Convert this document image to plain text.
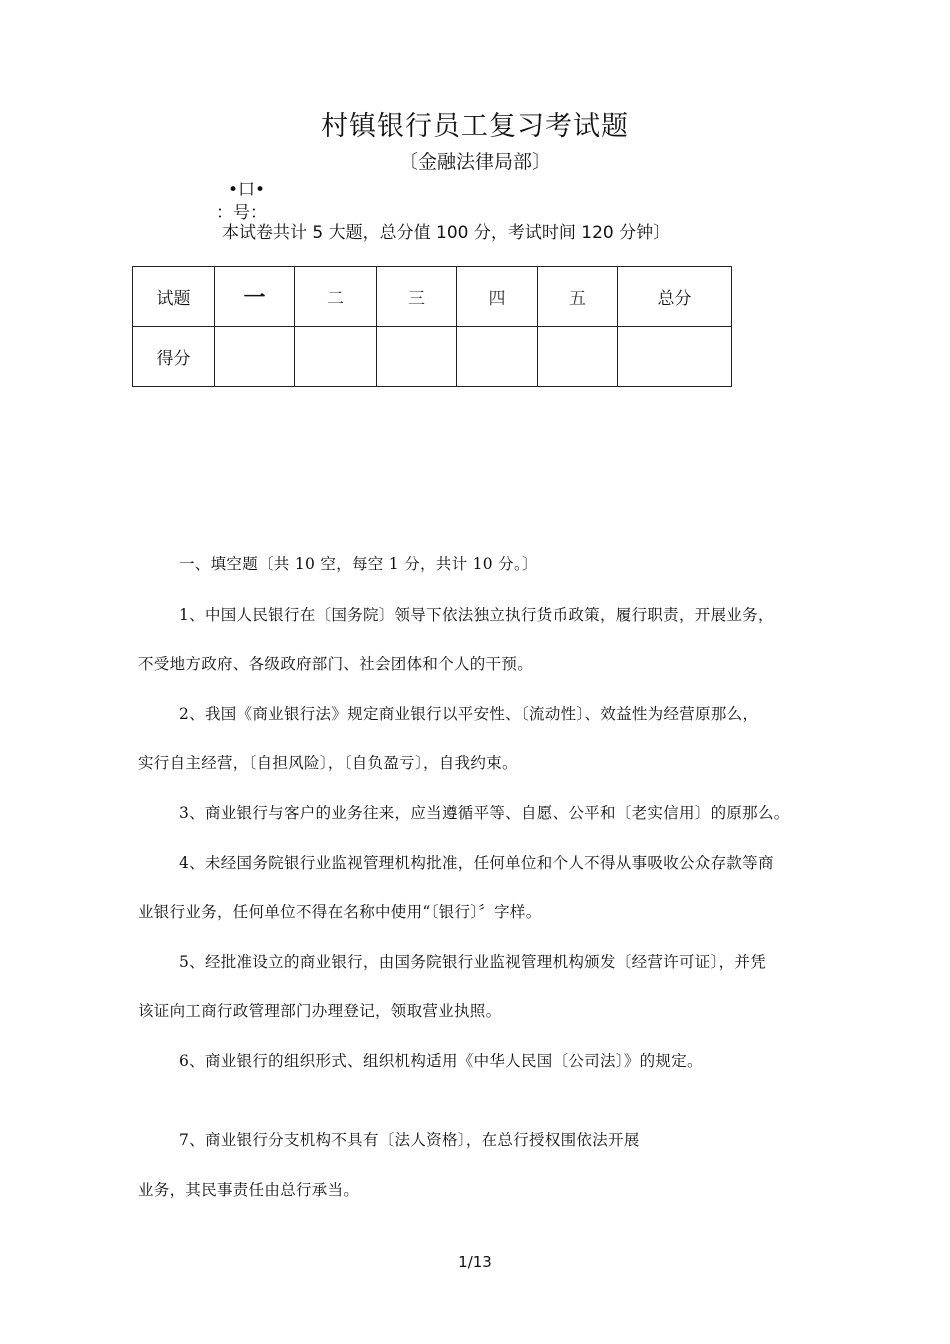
村镇银行员工复习考试题
〔金融法律局部〕
•口•
：号：
本试卷共计 5 大题，总分值 100 分，考试时间 120 分钟〕
试题	一	二	三	四	五	总分
得分						
一、填空题〔共 10 空，每空 1 分，共计 10 分。〕
1、中国人民银行在〔国务院〕领导下依法独立执行货币政策，履行职责，开展业务，
不受地方政府、各级政府部门、社会团体和个人的干预。
2、我国《商业银行法》规定商业银行以平安性、〔流动性〕、效益性为经营原那么，
实行自主经营，〔自担风险〕，〔自负盈亏〕，自我约束。
3、商业银行与客户的业务往来，应当遵循平等、自愿、公平和〔老实信用〕的原那么。
4、未经国务院银行业监视管理机构批准，任何单位和个人不得从事吸收公众存款等商
业银行业务，任何单位不得在名称中使用“〔银行〕〞字样。
5、经批准设立的商业银行，由国务院银行业监视管理机构颁发〔经营许可证〕，并凭
该证向工商行政管理部门办理登记，领取营业执照。
6、商业银行的组织形式、组织机构适用《中华人民国〔公司法〕》的规定。
7、商业银行分支机构不具有〔法人资格〕，在总行授权围依法开展
业务，其民事责任由总行承当。
1/13
